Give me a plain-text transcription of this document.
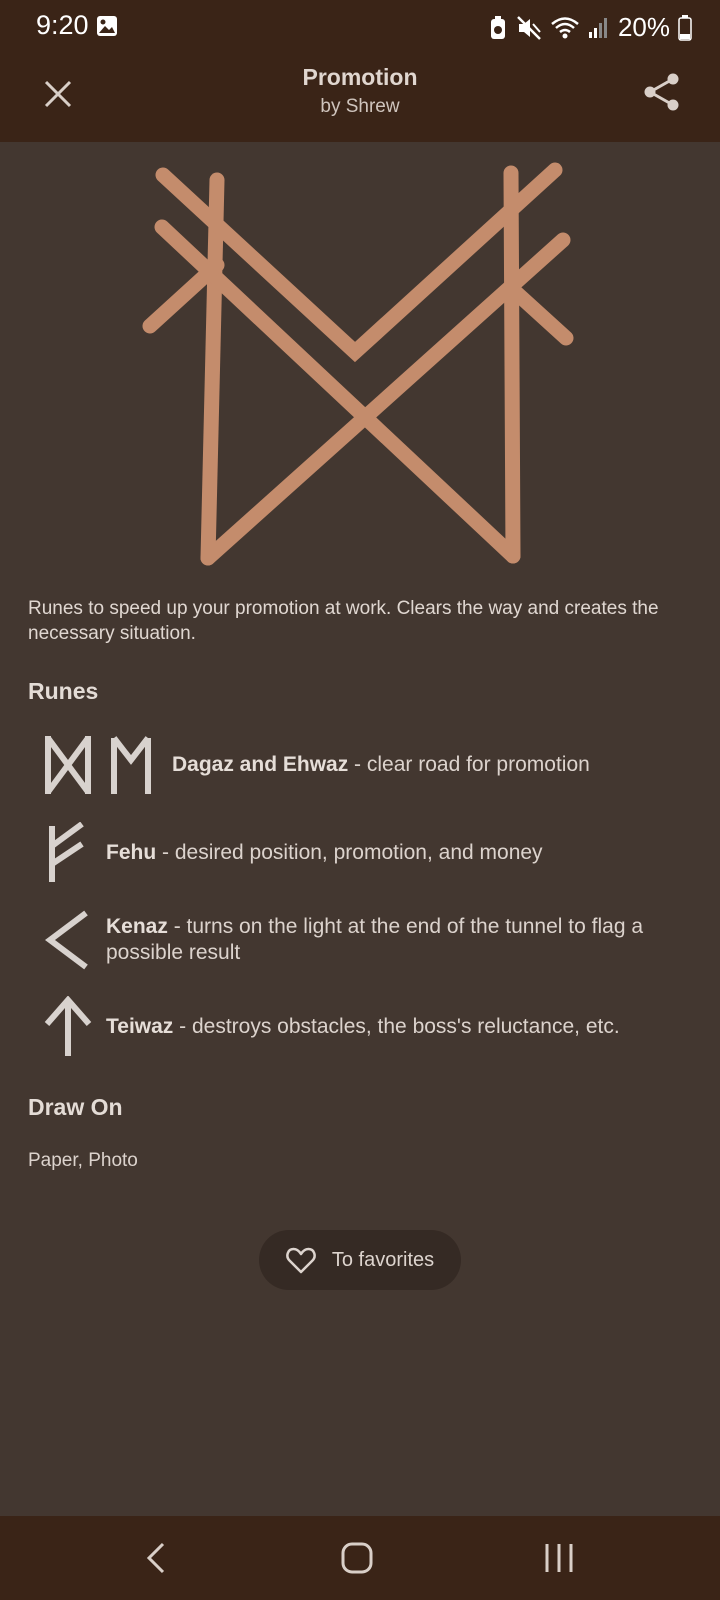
9:20	20%
Promotion
by Shrew
Runes to speed up your promotion at work. Clears the way and creates the necessary situation.
Runes
Dagaz and Ehwaz - clear road for promotion
Fehu - desired position, promotion, and money
Kenaz - turns on the light at the end of the tunnel to flag a possible result
Teiwaz - destroys obstacles, the boss's reluctance, etc.
Draw On
Paper, Photo
To favorites
